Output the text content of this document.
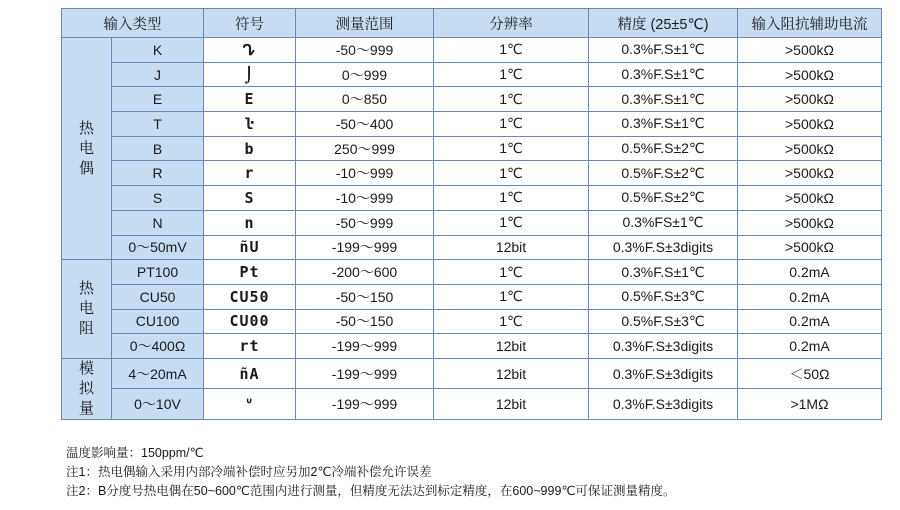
输入类型		符号	测量范围	分辨率	精度 (25±5℃)	输入阻抗辅助电流

热
电
偶	K	ᖊ	-50～999	1℃	0.3%F.S±1℃	>500kΩ
	J	⌡	0～999	1℃	0.3%F.S±1℃	>500kΩ
	E	E	0～850	1℃	0.3%F.S±1℃	>500kΩ
	T	ŀ	-50～400	1℃	0.3%F.S±1℃	>500kΩ
	B	b	250～999	1℃	0.5%F.S±2℃	>500kΩ
	R	r	-10～999	1℃	0.5%F.S±2℃	>500kΩ
	S	S	-10～999	1℃	0.5%F.S±2℃	>500kΩ
	N	n	-50～999	1℃	0.3%FS±1℃	>500kΩ
	0～50mV	ñU	-199～999	12bit	0.3%F.S±3digits	>500kΩ

热
电
阻	PT100	Pt	-200～600	1℃	0.3%F.S±1℃	0.2mA
	CU50	CU50	-50～150	1℃	0.5%F.S±3℃	0.2mA
	CU100	CU00	-50～150	1℃	0.5%F.S±3℃	0.2mA
	0～400Ω	rt	-199～999	12bit	0.3%F.S±3digits	0.2mA

模
拟
量	4～20mA	ñA	-199～999	12bit	0.3%F.S±3digits	＜50Ω
	0～10V	ᐡ	-199～999	12bit	0.3%F.S±3digits	>1MΩ
温度影响量：150ppm/℃
注1：热电偶输入采用内部冷端补偿时应另加2℃冷端补偿允许误差
注2：B分度号热电偶在50~600℃范围内进行测量，但精度无法达到标定精度，在600~999℃可保证测量精度。
